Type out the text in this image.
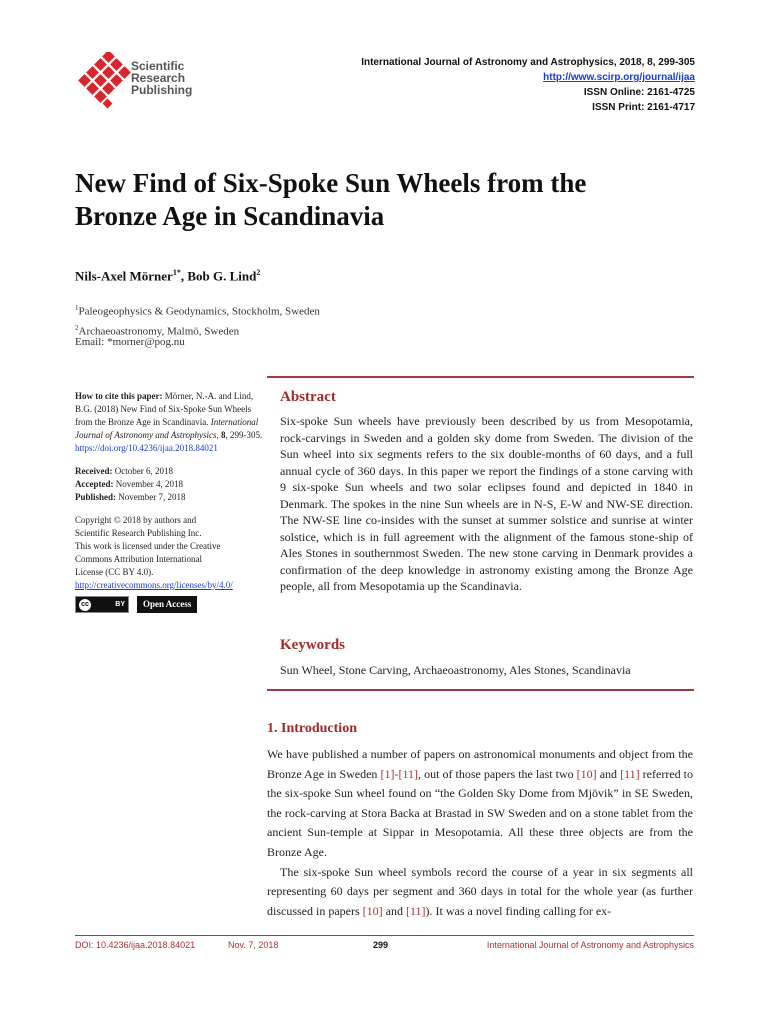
Scientific
Research
Publishing
International Journal of Astronomy and Astrophysics, 2018, 8, 299-305
http://www.scirp.org/journal/ijaa
ISSN Online: 2161-4725
ISSN Print: 2161-4717
New Find of Six-Spoke Sun Wheels from the
Bronze Age in Scandinavia
Nils-Axel Mörner$^{1*}$, Bob G. Lind$^2$
$^1$Paleogeophysics & Geodynamics, Stockholm, Sweden
$^2$Archaeoastronomy, Malmö, Sweden
Email: *morner@pog.nu
How to cite this paper: Mörner, N.-A. and Lind, B.G. (2018) New Find of Six-Spoke Sun Wheels from the Bronze Age in Scandinavia. International Journal of Astronomy and Astrophysics, 8, 299-305.
https://doi.org/10.4236/ijaa.2018.84021
Received: October 6, 2018
Accepted: November 4, 2018
Published: November 7, 2018
Copyright © 2018 by authors and
Scientific Research Publishing Inc.
This work is licensed under the Creative
Commons Attribution International
License (CC BY 4.0).
http://creativecommons.org/licenses/by/4.0/
cc	BY	Open Access
Abstract
Six-spoke Sun wheels have previously been described by us from Mesopotamia, rock-carvings in Sweden and a golden sky dome from Sweden. The division of the Sun wheel into six segments refers to the six double-months of 60 days, and a full annual cycle of 360 days. In this paper we report the findings of a stone carving with 9 six-spoke Sun wheels and two solar eclipses found and depicted in 1840 in Denmark. The spokes in the nine Sun wheels are in N-S, E-W and NW-SE direction. The NW-SE line co-insides with the sunset at summer solstice and sunrise at winter solstice, which is in full agreement with the alignment of the famous stone-ship of Ales Stones in southernmost Sweden. The new stone carving in Denmark provides a confirmation of the deep knowledge in astronomy existing among the Bronze Age people, all from Mesopotamia up the Scandinavia.
Keywords
Sun Wheel, Stone Carving, Archaeoastronomy, Ales Stones, Scandinavia
1. Introduction

We have published a number of papers on astronomical monuments and object from the Bronze Age in Sweden [1]-[11], out of those papers the last two [10] and [11] referred to the six-spoke Sun wheel found on “the Golden Sky Dome from Mjövik” in SE Sweden, the rock-carving at Stora Backa at Brastad in SW Sweden and on a stone tablet from the ancient Sun-temple at Sippar in Mesopotamia. All these three objects are from the Bronze Age.

The six-spoke Sun wheel symbols record the course of a year in six segments all representing 60 days per segment and 360 days in total for the whole year (as further discussed in papers [10] and [11]). It was a novel finding calling for ex-

DOI: 10.4236/ijaa.2018.84021	Nov. 7, 2018	299	International Journal of Astronomy and Astrophysics
